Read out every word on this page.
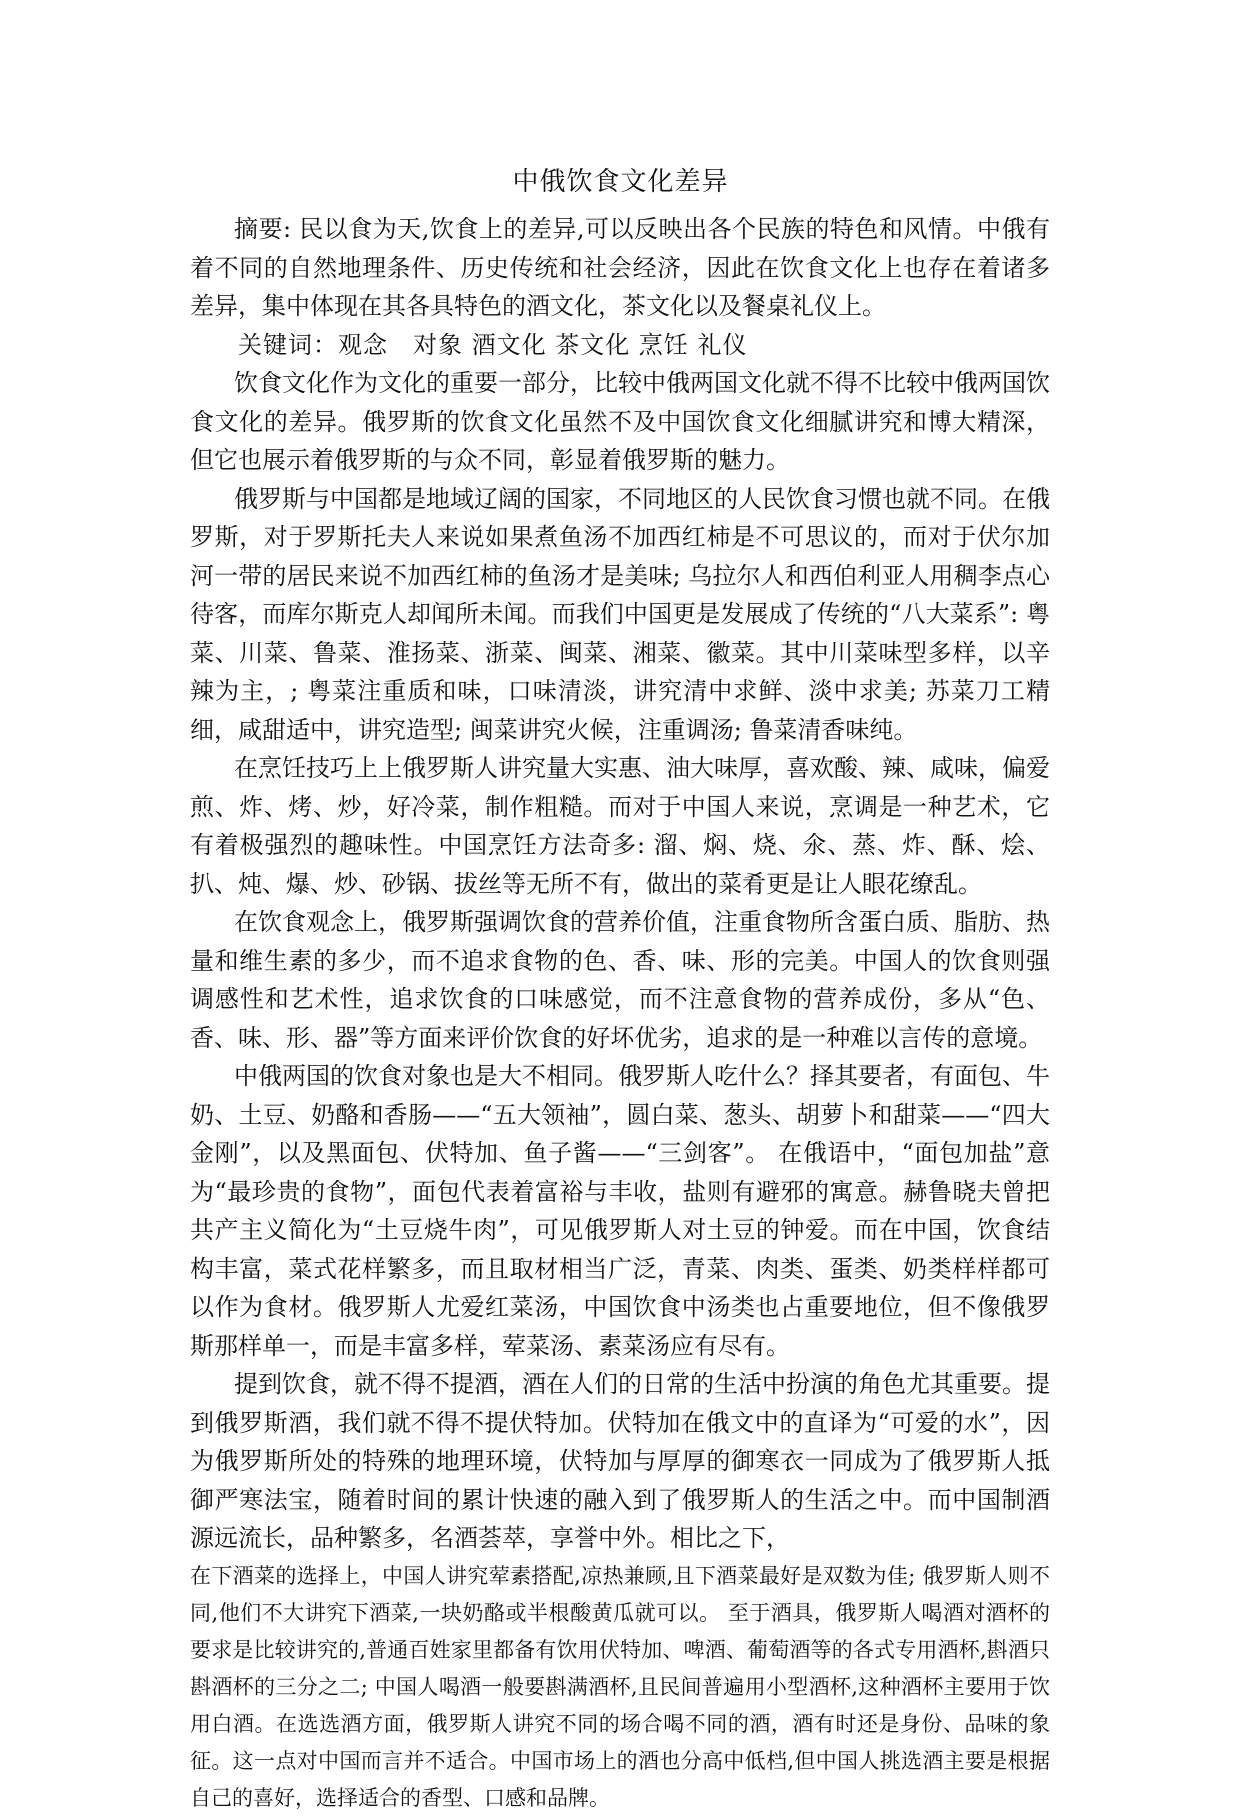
中俄饮食文化差异

摘要: 民以食为天,饮食上的差异,可以反映出各个民族的特色和风情。中俄有着不同的自然地理条件、历史传统和社会经济，因此在饮食文化上也存在着诸多差异，集中体现在其各具特色的酒文化，茶文化以及餐桌礼仪上。

关键词：观念　对象 酒文化 茶文化 烹饪 礼仪

饮食文化作为文化的重要一部分，比较中俄两国文化就不得不比较中俄两国饮食文化的差异。俄罗斯的饮食文化虽然不及中国饮食文化细腻讲究和博大精深，但它也展示着俄罗斯的与众不同，彰显着俄罗斯的魅力。

俄罗斯与中国都是地域辽阔的国家，不同地区的人民饮食习惯也就不同。在俄罗斯，对于罗斯托夫人来说如果煮鱼汤不加西红柿是不可思议的，而对于伏尔加河一带的居民来说不加西红柿的鱼汤才是美味; 乌拉尔人和西伯利亚人用稠李点心待客，而库尔斯克人却闻所未闻。而我们中国更是发展成了传统的“八大菜系”: 粤菜、川菜、鲁菜、淮扬菜、浙菜、闽菜、湘菜、徽菜。其中川菜味型多样，以辛辣为主，; 粤菜注重质和味，口味清淡，讲究清中求鲜、淡中求美; 苏菜刀工精细，咸甜适中，讲究造型; 闽菜讲究火候，注重调汤; 鲁菜清香味纯。

在烹饪技巧上上俄罗斯人讲究量大实惠、油大味厚，喜欢酸、辣、咸味，偏爱煎、炸、烤、炒，好冷菜，制作粗糙。而对于中国人来说，烹调是一种艺术，它有着极强烈的趣味性。中国烹饪方法奇多: 溜、焖、烧、氽、蒸、炸、酥、烩、扒、炖、爆、炒、砂锅、拔丝等无所不有，做出的菜肴更是让人眼花缭乱。

在饮食观念上，俄罗斯强调饮食的营养价值，注重食物所含蛋白质、脂肪、热量和维生素的多少，而不追求食物的色、香、味、形的完美。中国人的饮食则强调感性和艺术性，追求饮食的口味感觉，而不注意食物的营养成份，多从“色、香、味、形、器”等方面来评价饮食的好坏优劣，追求的是一种难以言传的意境。

中俄两国的饮食对象也是大不相同。俄罗斯人吃什么？择其要者，有面包、牛奶、土豆、奶酪和香肠——“五大领袖”，圆白菜、葱头、胡萝卜和甜菜——“四大金刚”，以及黑面包、伏特加、鱼子酱——“三剑客”。 在俄语中，“面包加盐”意为“最珍贵的食物”，面包代表着富裕与丰收，盐则有避邪的寓意。赫鲁晓夫曾把共产主义简化为“土豆烧牛肉”，可见俄罗斯人对土豆的钟爱。而在中国，饮食结构丰富，菜式花样繁多，而且取材相当广泛，青菜、肉类、蛋类、奶类样样都可以作为食材。俄罗斯人尤爱红菜汤，中国饮食中汤类也占重要地位，但不像俄罗斯那样单一，而是丰富多样，荤菜汤、素菜汤应有尽有。

提到饮食，就不得不提酒，酒在人们的日常的生活中扮演的角色尤其重要。提到俄罗斯酒，我们就不得不提伏特加。伏特加在俄文中的直译为“可爱的水”，因为俄罗斯所处的特殊的地理环境，伏特加与厚厚的御寒衣一同成为了俄罗斯人抵御严寒法宝，随着时间的累计快速的融入到了俄罗斯人的生活之中。而中国制酒源远流长，品种繁多，名酒荟萃，享誉中外。相比之下，

在下酒菜的选择上，中国人讲究荤素搭配,凉热兼顾,且下酒菜最好是双数为佳; 俄罗斯人则不同,他们不大讲究下酒菜,一块奶酪或半根酸黄瓜就可以。 至于酒具，俄罗斯人喝酒对酒杯的要求是比较讲究的,普通百姓家里都备有饮用伏特加、啤酒、葡萄酒等的各式专用酒杯,斟酒只斟酒杯的三分之二; 中国人喝酒一般要斟满酒杯,且民间普遍用小型酒杯,这种酒杯主要用于饮用白酒。在选选酒方面，俄罗斯人讲究不同的场合喝不同的酒，酒有时还是身份、品味的象征。这一点对中国而言并不适合。中国市场上的酒也分高中低档,但中国人挑选酒主要是根据自己的喜好，选择适合的香型、口感和品牌。
